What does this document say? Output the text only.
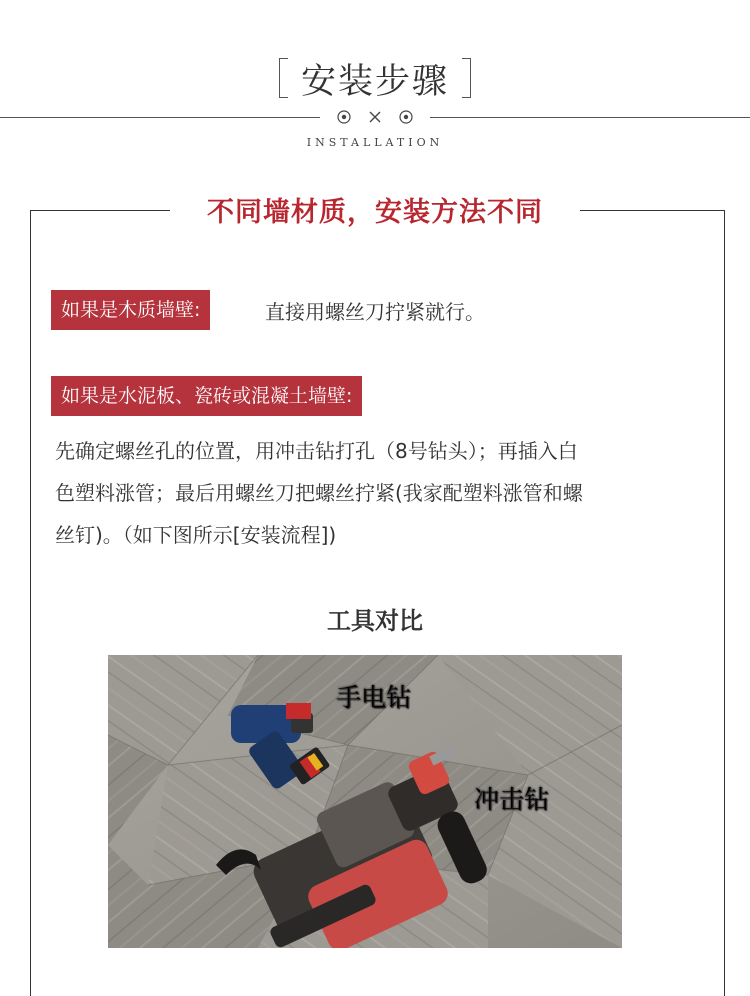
安装步骤
INSTALLATION
不同墙材质，安装方法不同
如果是木质墙壁:	直接用螺丝刀拧紧就行。
如果是水泥板、瓷砖或混凝土墙壁:
先确定螺丝孔的位置，用冲击钻打孔（8号钻头）；再插入白
色塑料涨管；最后用螺丝刀把螺丝拧紧(我家配塑料涨管和螺
丝钉)。（如下图所示[安装流程])
工具对比
手电钻
冲击钻
